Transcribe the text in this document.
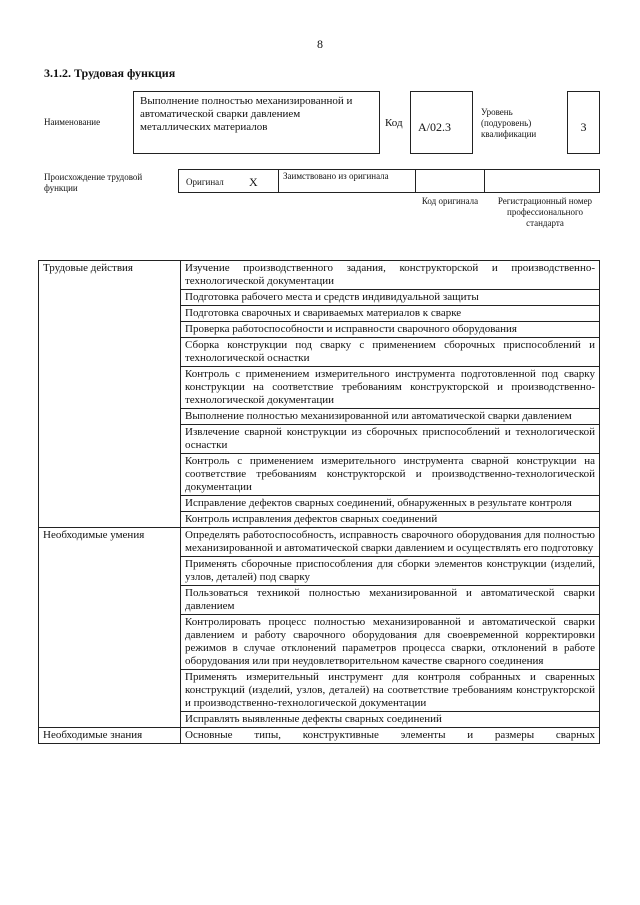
8
3.1.2. Трудовая функция
Наименование
Выполнение полностью механизированной и автоматической сварки давлением металлических материалов	Код	A/02.3
Уровень (подуровень) квалификации	3
Происхождение трудовой функции
Оригинал X	Заимствовано из оригинала
Код оригинала	Регистрационный номер профессионального стандарта
Трудовые действия	Изучение производственного задания, конструкторской и производственно-технологической документации
	Подготовка рабочего места и средств индивидуальной защиты
	Подготовка сварочных и свариваемых материалов к сварке
	Проверка работоспособности и исправности сварочного оборудования
	Сборка конструкции под сварку с применением сборочных приспособлений и технологической оснастки
	Контроль с применением измерительного инструмента подготовленной под сварку конструкции на соответствие требованиям конструкторской и производственно-технологической документации
	Выполнение полностью механизированной или автоматической сварки давлением
	Извлечение сварной конструкции из сборочных приспособлений и технологической оснастки
	Контроль с применением измерительного инструмента сварной конструкции на соответствие требованиям конструкторской и производственно-технологической документации
	Исправление дефектов сварных соединений, обнаруженных в результате контроля
	Контроль исправления дефектов сварных соединений
Необходимые умения	Определять работоспособность, исправность сварочного оборудования для полностью механизированной и автоматической сварки давлением и осуществлять его подготовку
	Применять сборочные приспособления для сборки элементов конструкции (изделий, узлов, деталей) под сварку
	Пользоваться техникой полностью механизированной и автоматической сварки давлением
	Контролировать процесс полностью механизированной и автоматической сварки давлением и работу сварочного оборудования для своевременной корректировки режимов в случае отклонений параметров процесса сварки, отклонений в работе оборудования или при неудовлетворительном качестве сварного соединения
	Применять измерительный инструмент для контроля собранных и сваренных конструкций (изделий, узлов, деталей) на соответствие требованиям конструкторской и производственно-технологической документации
	Исправлять выявленные дефекты сварных соединений
Необходимые знания	Основные типы, конструктивные элементы и размеры сварных
